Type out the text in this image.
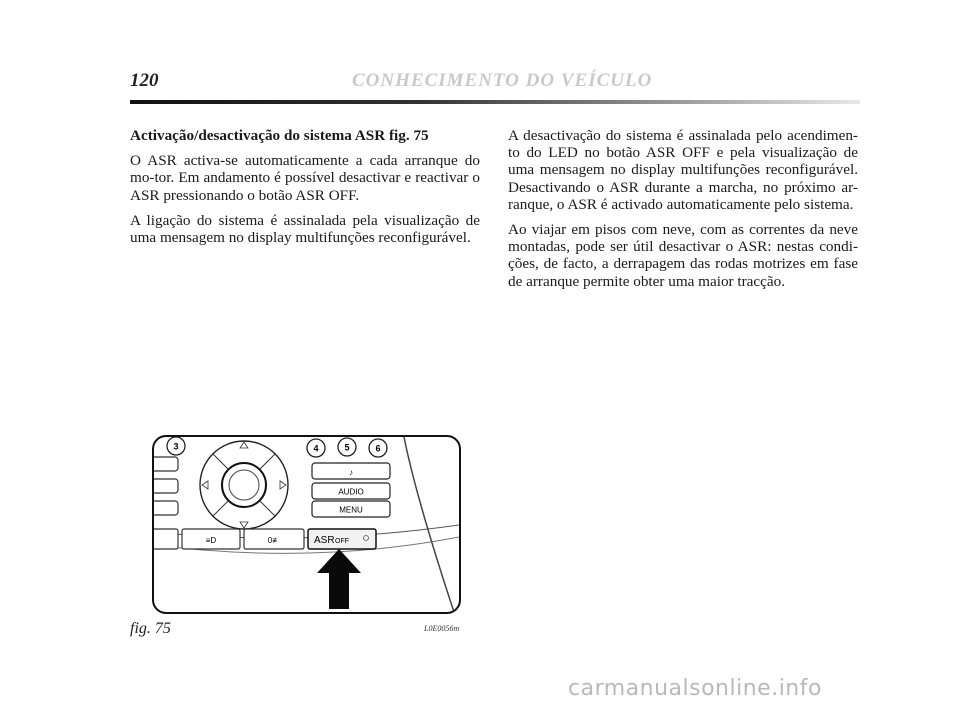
120	CONHECIMENTO DO VEÍCULO
Activação/desactivação do sistema ASR fig. 75

O ASR activa-se automaticamente a cada arranque do mo-tor. Em andamento é possível desactivar e reactivar o ASR pressionando o botão ASR OFF.

A ligação do sistema é assinalada pela visualização de uma mensagem no display multifunções reconfigurável.

A desactivação do sistema é assinalada pelo acendimen-to do LED no botão ASR OFF e pela visualização de uma mensagem no display multifunções reconfigurável. Desactivando o ASR durante a marcha, no próximo ar-ranque, o ASR é activado automaticamente pelo sistema.

Ao viajar em pisos com neve, com as correntes da neve montadas, pode ser útil desactivar o ASR: nestas condi-ções, de facto, a derrapagem das rodas motrizes em fase de arranque permite obter uma maior tracção.

3	4	5	6
♪
AUDIO
MENU
≡D	0≢	ASR OFF
fig. 75	L0E0056m
carmanualsonline.info
